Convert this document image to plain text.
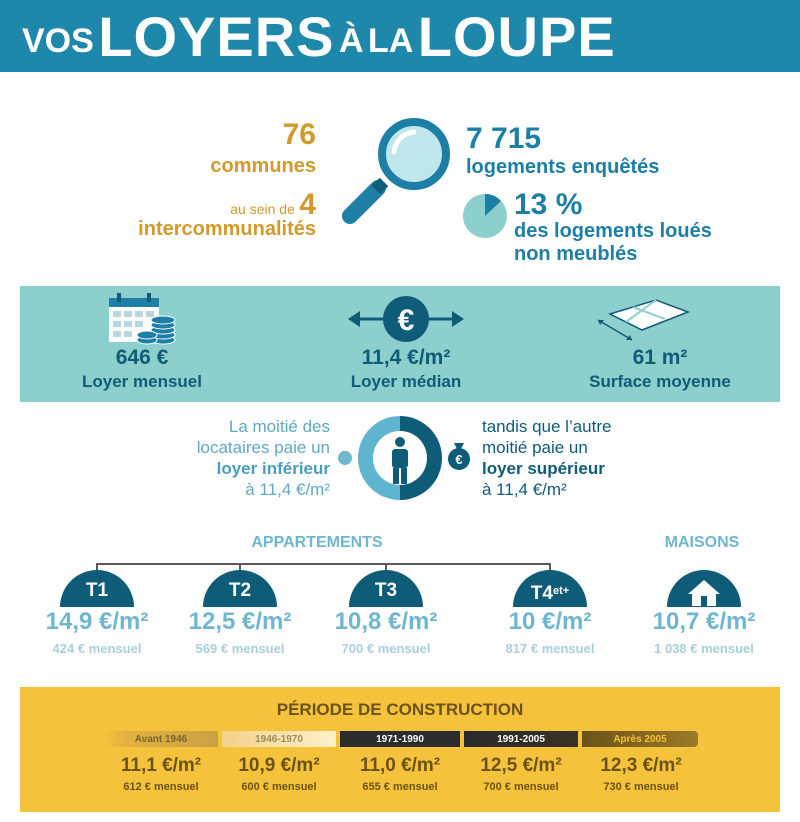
VOS LOYERS À LA LOUPE
76
communes
au sein de 4
intercommunalités
7 715
logements enquêtés
13 %
des logements loués
non meublés
646 €
Loyer mensuel
€
11,4 €/m²
Loyer médian
61 m²
Surface moyenne
La moitié des
locataires paie un
loyer inférieur
à 11,4 €/m²
€
tandis que l’autre
moitié paie un
loyer supérieur
à 11,4 €/m²
APPARTEMENTS	MAISONS
T1	T2	T3	$T4^{et+}$
14,9 €/m²
424 € mensuel
12,5 €/m²
569 € mensuel
10,8 €/m²
700 € mensuel
10 €/m²
817 € mensuel
10,7 €/m²
1 038 € mensuel
PÉRIODE DE CONSTRUCTION
Avant 1946	1946-1970	1971-1990	1991-2005	Après 2005
11,1 €/m²
612 € mensuel
10,9 €/m²
600 € mensuel
11,0 €/m²
655 € mensuel
12,5 €/m²
700 € mensuel
12,3 €/m²
730 € mensuel
